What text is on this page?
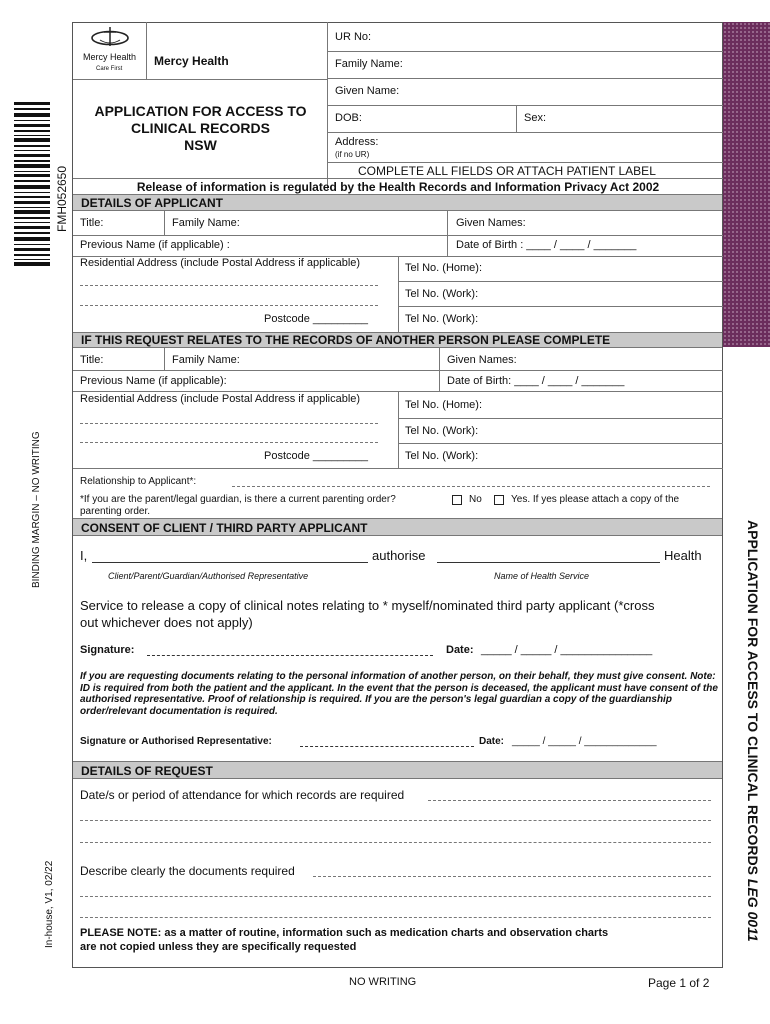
Mercy Health
Care First
Mercy Health
APPLICATION FOR ACCESS TO
CLINICAL RECORDS
NSW
UR No:
Family Name:
Given Name:
DOB:	Sex:
Address:
(if no UR)
COMPLETE ALL FIELDS OR ATTACH PATIENT LABEL
Release of information is regulated by the Health Records and Information Privacy Act 2002
DETAILS OF APPLICANT
Title:	Family Name:	Given Names:
Previous Name (if applicable) :	Date of Birth : ____ / ____ / _______
Residential Address (include Postal Address if applicable)
Postcode _________
Tel No. (Home):
Tel No. (Work):
Tel No. (Work):
IF THIS REQUEST RELATES TO THE RECORDS OF ANOTHER PERSON PLEASE COMPLETE
Title:	Family Name:	Given Names:
Previous Name (if applicable):	Date of Birth: ____ / ____ / _______
Residential Address (include Postal Address if applicable)
Postcode _________
Tel No. (Home):
Tel No. (Work):
Tel No. (Work):
Relationship to Applicant*:
*If you are the parent/legal guardian, is there a current parenting order?	No	Yes. If yes please attach a copy of the
parenting order.
CONSENT OF CLIENT / THIRD PARTY APPLICANT
I,	authorise	Health
Client/Parent/Guardian/Authorised Representative	Name of Health Service
Service to release a copy of clinical notes relating to * myself/nominated third party applicant (*cross
out whichever does not apply)
Signature:	Date: _____ / _____ / _______________
If you are requesting documents relating to the personal information of another person, on their behalf, they must give consent. Note: ID is required from both the patient and the applicant. In the event that the person is deceased, the applicant must have consent of the authorised representative. Proof of relationship is required. If you are the person's legal guardian a copy of the guardianship order/relevant documentation is required.
Signature or Authorised Representative:	Date: _____ / _____ / _____________
DETAILS OF REQUEST
Date/s or period of attendance for which records are required
Describe clearly the documents required
PLEASE NOTE: as a matter of routine, information such as medication charts and observation charts
are not copied unless they are specifically requested
FMH052650
BINDING MARGIN – NO WRITING
In-house, V1, 02/22
APPLICATION FOR ACCESS TO CLINICAL RECORDS LEG 0011
NO WRITING	Page 1 of 2
